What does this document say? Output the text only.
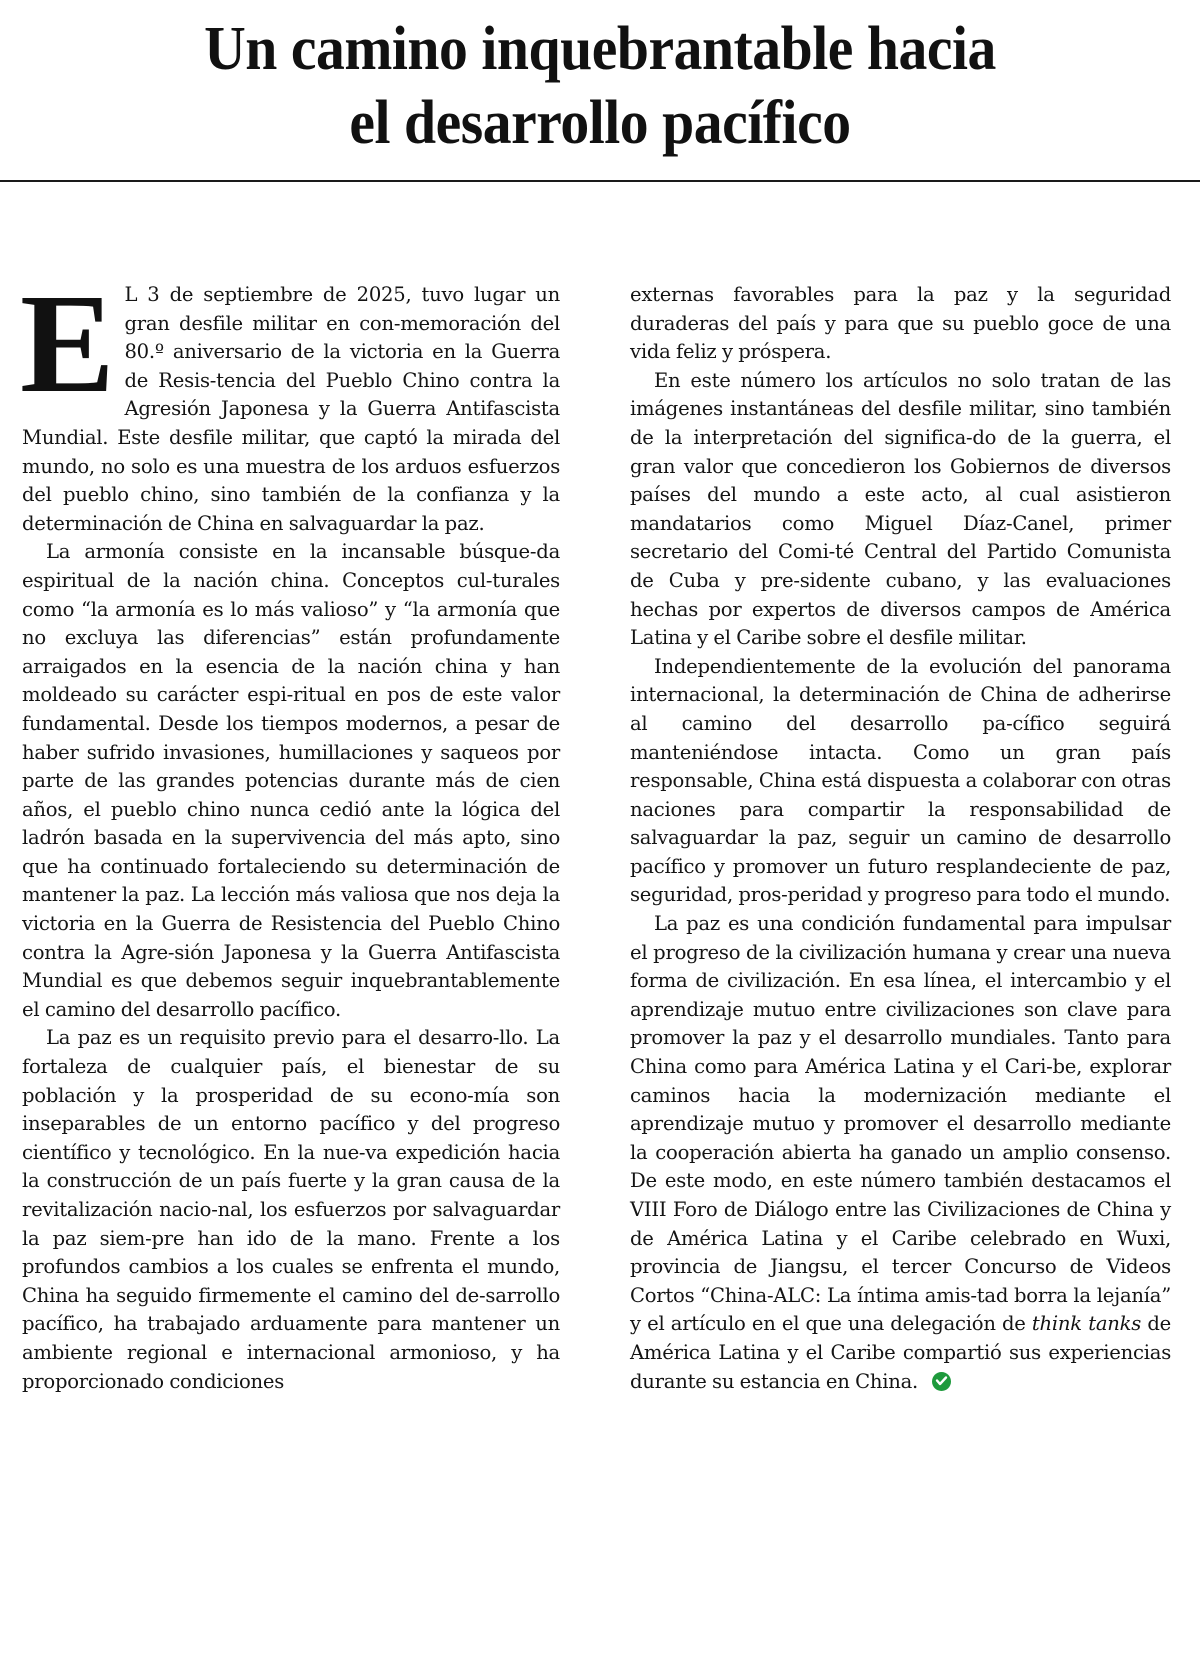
Un camino inquebrantable hacia
el desarrollo pacífico

E L 3 de septiembre de 2025, tuvo lugar un gran desfile militar en con-memoración del 80.º aniversario de la victoria en la Guerra de Resis-tencia del Pueblo Chino contra la Agresión Japonesa y la Guerra Antifascista Mundial. Este desfile militar, que captó la mirada del mundo, no solo es una muestra de los arduos esfuerzos del pueblo chino, sino también de la confianza y la determinación de China en salvaguardar la paz.

La armonía consiste en la incansable búsque-da espiritual de la nación china. Conceptos cul-turales como “la armonía es lo más valioso” y “la armonía que no excluya las diferencias” están profundamente arraigados en la esencia de la nación china y han moldeado su carácter espi-ritual en pos de este valor fundamental. Desde los tiempos modernos, a pesar de haber sufrido invasiones, humillaciones y saqueos por parte de las grandes potencias durante más de cien años, el pueblo chino nunca cedió ante la lógica del ladrón basada en la supervivencia del más apto, sino que ha continuado fortaleciendo su determinación de mantener la paz. La lección más valiosa que nos deja la victoria en la Guerra de Resistencia del Pueblo Chino contra la Agre-sión Japonesa y la Guerra Antifascista Mundial es que debemos seguir inquebrantablemente el camino del desarrollo pacífico.

La paz es un requisito previo para el desarro-llo. La fortaleza de cualquier país, el bienestar de su población y la prosperidad de su econo-mía son inseparables de un entorno pacífico y del progreso científico y tecnológico. En la nue-va expedición hacia la construcción de un país fuerte y la gran causa de la revitalización nacio-nal, los esfuerzos por salvaguardar la paz siem-pre han ido de la mano. Frente a los profundos cambios a los cuales se enfrenta el mundo, China ha seguido firmemente el camino del de-sarrollo pacífico, ha trabajado arduamente para mantener un ambiente regional e internacional armonioso, y ha proporcionado condiciones

externas favorables para la paz y la seguridad duraderas del país y para que su pueblo goce de una vida feliz y próspera.

En este número los artículos no solo tratan de las imágenes instantáneas del desfile militar, sino también de la interpretación del significa-do de la guerra, el gran valor que concedieron los Gobiernos de diversos países del mundo a este acto, al cual asistieron mandatarios como Miguel Díaz-Canel, primer secretario del Comi-té Central del Partido Comunista de Cuba y pre-sidente cubano, y las evaluaciones hechas por expertos de diversos campos de América Latina y el Caribe sobre el desfile militar.

Independientemente de la evolución del panorama internacional, la determinación de China de adherirse al camino del desarrollo pa-cífico seguirá manteniéndose intacta. Como un gran país responsable, China está dispuesta a colaborar con otras naciones para compartir la responsabilidad de salvaguardar la paz, seguir un camino de desarrollo pacífico y promover un futuro resplandeciente de paz, seguridad, pros-peridad y progreso para todo el mundo.

La paz es una condición fundamental para impulsar el progreso de la civilización humana y crear una nueva forma de civilización. En esa línea, el intercambio y el aprendizaje mutuo entre civilizaciones son clave para promover la paz y el desarrollo mundiales. Tanto para China como para América Latina y el Cari-be, explorar caminos hacia la modernización mediante el aprendizaje mutuo y promover el desarrollo mediante la cooperación abierta ha ganado un amplio consenso. De este modo, en este número también destacamos el VIII Foro de Diálogo entre las Civilizaciones de China y de América Latina y el Caribe celebrado en Wuxi, provincia de Jiangsu, el tercer Concurso de Videos Cortos “China-ALC: La íntima amis-tad borra la lejanía” y el artículo en el que una delegación de think tanks de América Latina y el Caribe compartió sus experiencias durante su estancia en China.
